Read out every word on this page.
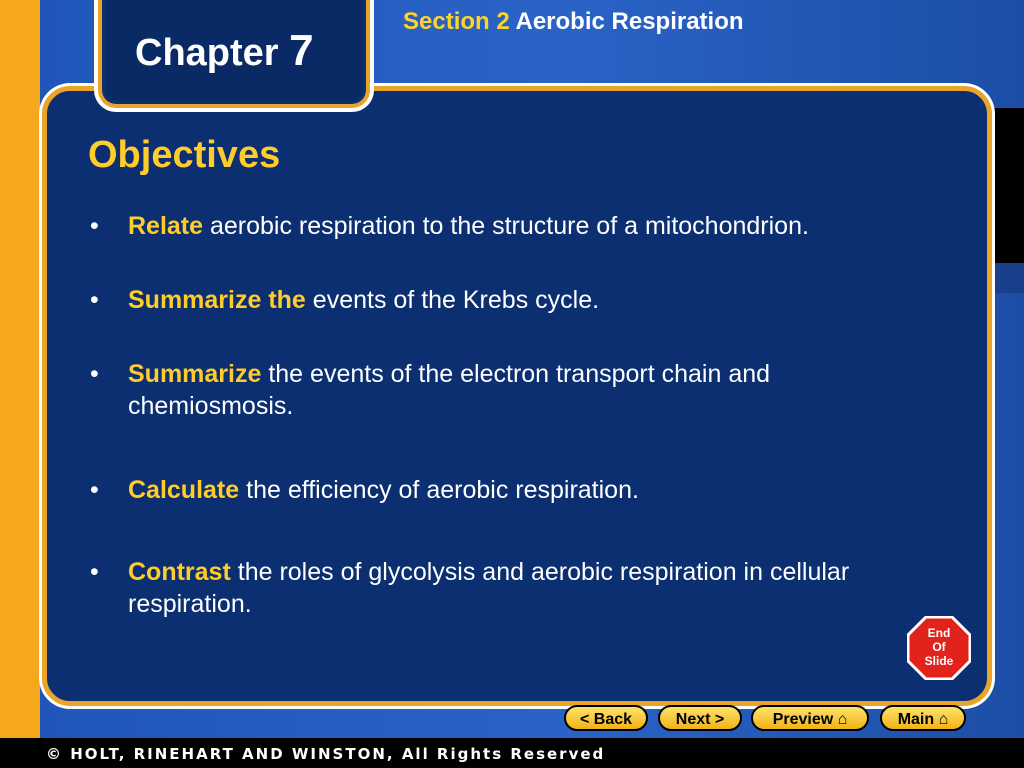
Chapter 7
Section 2 Aerobic Respiration
Objectives
• Relate aerobic respiration to the structure of a mitochondrion.
• Summarize the events of the Krebs cycle.
• Summarize the events of the electron transport chain and chemiosmosis.
• Calculate the efficiency of aerobic respiration.
• Contrast the roles of glycolysis and aerobic respiration in cellular respiration.
End
Of
Slide
< Back	Next >	Preview ⌂	Main ⌂
© HOLT, RINEHART AND WINSTON, All Rights Reserved
